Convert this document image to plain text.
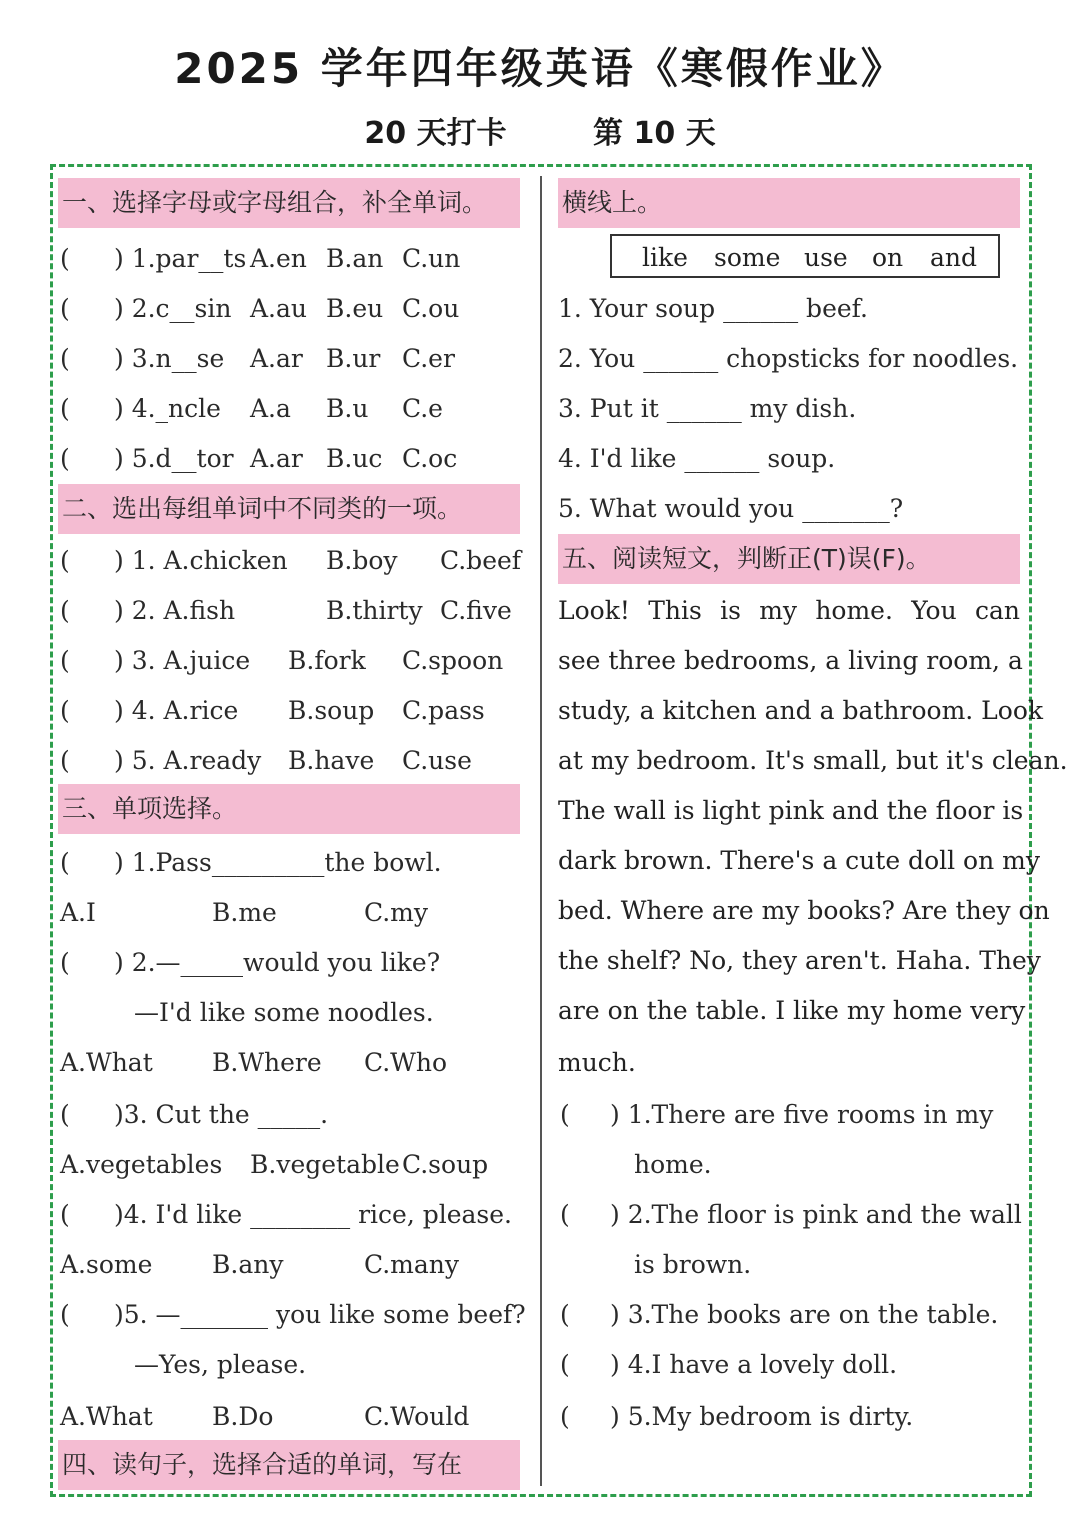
2025 学年四年级英语《寒假作业》
20 天打卡	第 10 天
一、选择字母或字母组合，补全单词。
( ) 1.par__ts A.en B.an C.un
( ) 2.c__sin A.au B.eu C.ou
( ) 3.n__se A.ar B.ur C.er
( ) 4._ncle A.a B.u C.e
( ) 5.d__tor A.ar B.uc C.oc
二、选出每组单词中不同类的一项。
( ) 1. A.chicken B.boy C.beef
( ) 2. A.fish	B.thirty C.five
( ) 3. A.juice B.fork C.spoon
( ) 4. A.rice B.soup C.pass
( ) 5. A.ready B.have C.use
三、单项选择。
( ) 1.Pass_________the bowl.
A.I	B.me	C.my
( ) 2.—_____would you like?
—I'd like some noodles.
A.What B.Where C.Who
( )3. Cut the _____.
A.vegetables B.vegetable C.soup
( )4. I'd like ________ rice, please.
A.some B.any	C.many
( )5. —_______ you like some beef?
—Yes, please.
A.What B.Do	C.Would
四、读句子，选择合适的单词，写在
横线上。
like some use on and
1. Your soup ______ beef.
2. You ______ chopsticks for noodles.
3. Put it ______ my dish.
4. I'd like ______ soup.
5. What would you _______?
五、阅读短文，判断正(T)误(F)。
Look! This is my home. You can
see three bedrooms, a living room, a
study, a kitchen and a bathroom. Look
at my bedroom. It's small, but it's clean.
The wall is light pink and the floor is
dark brown. There's a cute doll on my
bed. Where are my books? Are they on
the shelf? No, they aren't. Haha. They
are on the table. I like my home very
much.
( ) 1.There are five rooms in my
home.
( ) 2.The floor is pink and the wall
is brown.
( ) 3.The books are on the table.
( ) 4.I have a lovely doll.
( ) 5.My bedroom is dirty.
